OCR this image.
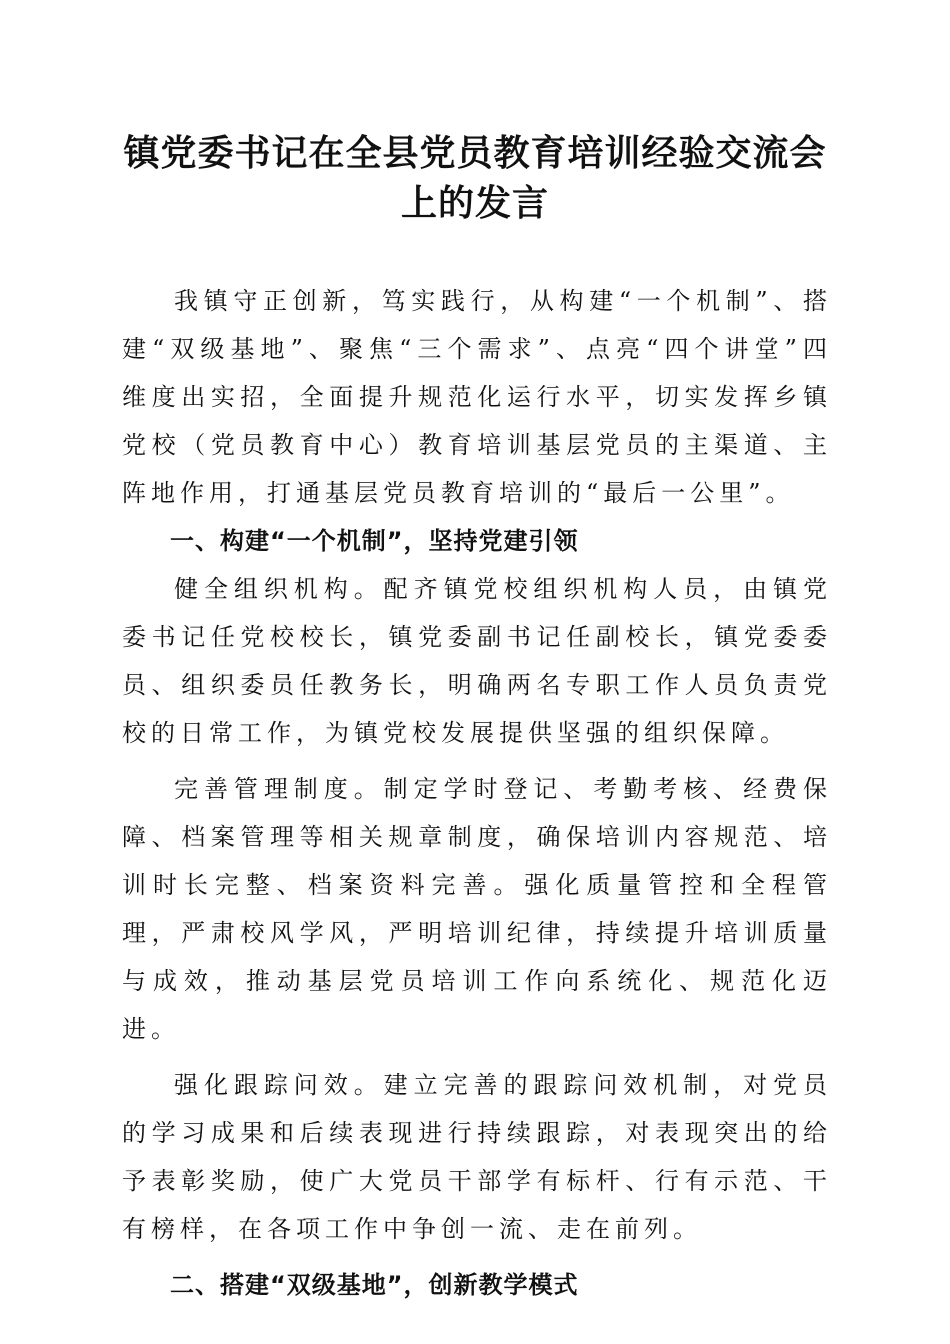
镇党委书记在全县党员教育培训经验交流会上的发言

我镇守正创新，笃实践行，从构建“一个机制”、搭建“双级基地”、聚焦“三个需求”、点亮“四个讲堂”四维度出实招，全面提升规范化运行水平，切实发挥乡镇党校（党员教育中心）教育培训基层党员的主渠道、主阵地作用，打通基层党员教育培训的“最后一公里”。

一、构建“一个机制”，坚持党建引领

健全组织机构。配齐镇党校组织机构人员，由镇党委书记任党校校长，镇党委副书记任副校长，镇党委委员、组织委员任教务长，明确两名专职工作人员负责党校的日常工作，为镇党校发展提供坚强的组织保障。

完善管理制度。制定学时登记、考勤考核、经费保障、档案管理等相关规章制度，确保培训内容规范、培训时长完整、档案资料完善。强化质量管控和全程管理，严肃校风学风，严明培训纪律，持续提升培训质量与成效，推动基层党员培训工作向系统化、规范化迈进。

强化跟踪问效。建立完善的跟踪问效机制，对党员的学习成果和后续表现进行持续跟踪，对表现突出的给予表彰奖励，使广大党员干部学有标杆、行有示范、干有榜样，在各项工作中争创一流、走在前列。

二、搭建“双级基地”，创新教学模式
